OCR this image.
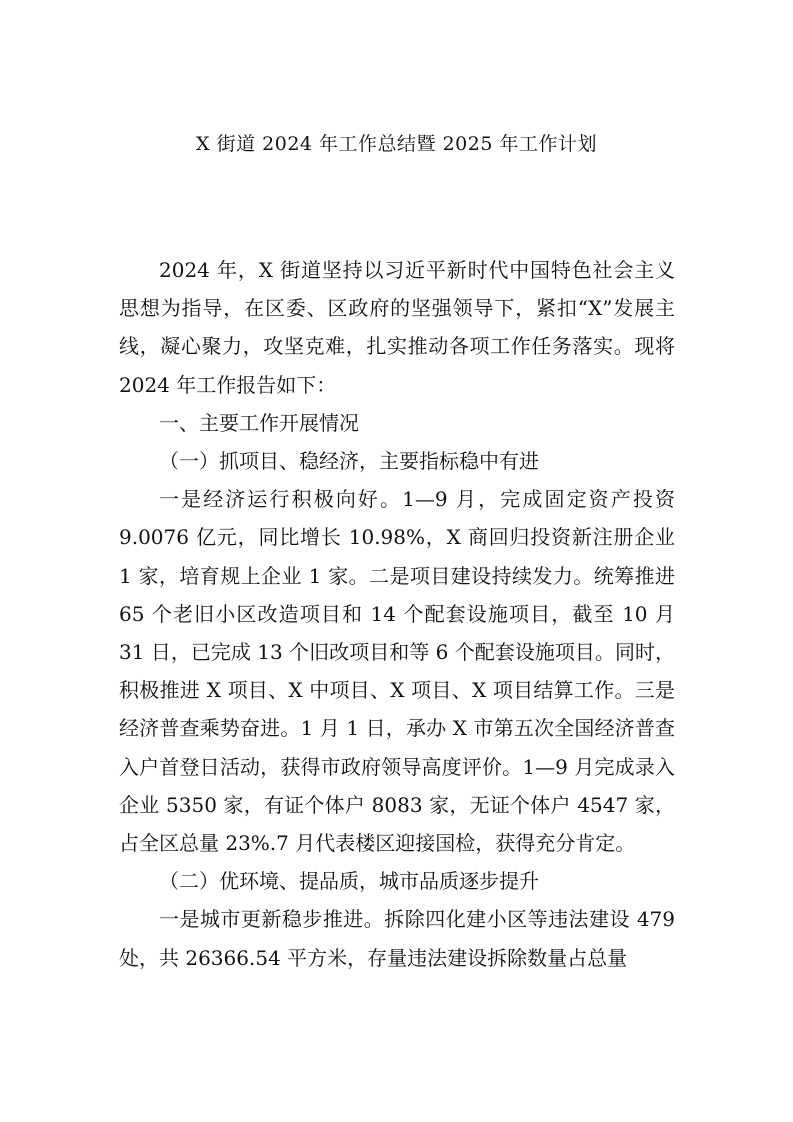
X 街道 2024 年工作总结暨 2025 年工作计划

2024 年，X 街道坚持以习近平新时代中国特色社会主义思想为指导，在区委、区政府的坚强领导下，紧扣“X”发展主线，凝心聚力，攻坚克难，扎实推动各项工作任务落实。现将 2024 年工作报告如下：

一、主要工作开展情况

（一）抓项目、稳经济，主要指标稳中有进

一是经济运行积极向好。1—9 月，完成固定资产投资 9.0076 亿元，同比增长 10.98%，X 商回归投资新注册企业 1 家，培育规上企业 1 家。二是项目建设持续发力。统筹推进 65 个老旧小区改造项目和 14 个配套设施项目，截至 10 月 31 日，已完成 13 个旧改项目和等 6 个配套设施项目。同时，积极推进 X 项目、X 中项目、X 项目、X 项目结算工作。三是经济普查乘势奋进。1 月 1 日，承办 X 市第五次全国经济普查入户首登日活动，获得市政府领导高度评价。1—9 月完成录入企业 5350 家，有证个体户 8083 家，无证个体户 4547 家，占全区总量 23%.7 月代表楼区迎接国检，获得充分肯定。

（二）优环境、提品质，城市品质逐步提升

一是城市更新稳步推进。拆除四化建小区等违法建设 479 处，共 26366.54 平方米，存量违法建设拆除数量占总量
